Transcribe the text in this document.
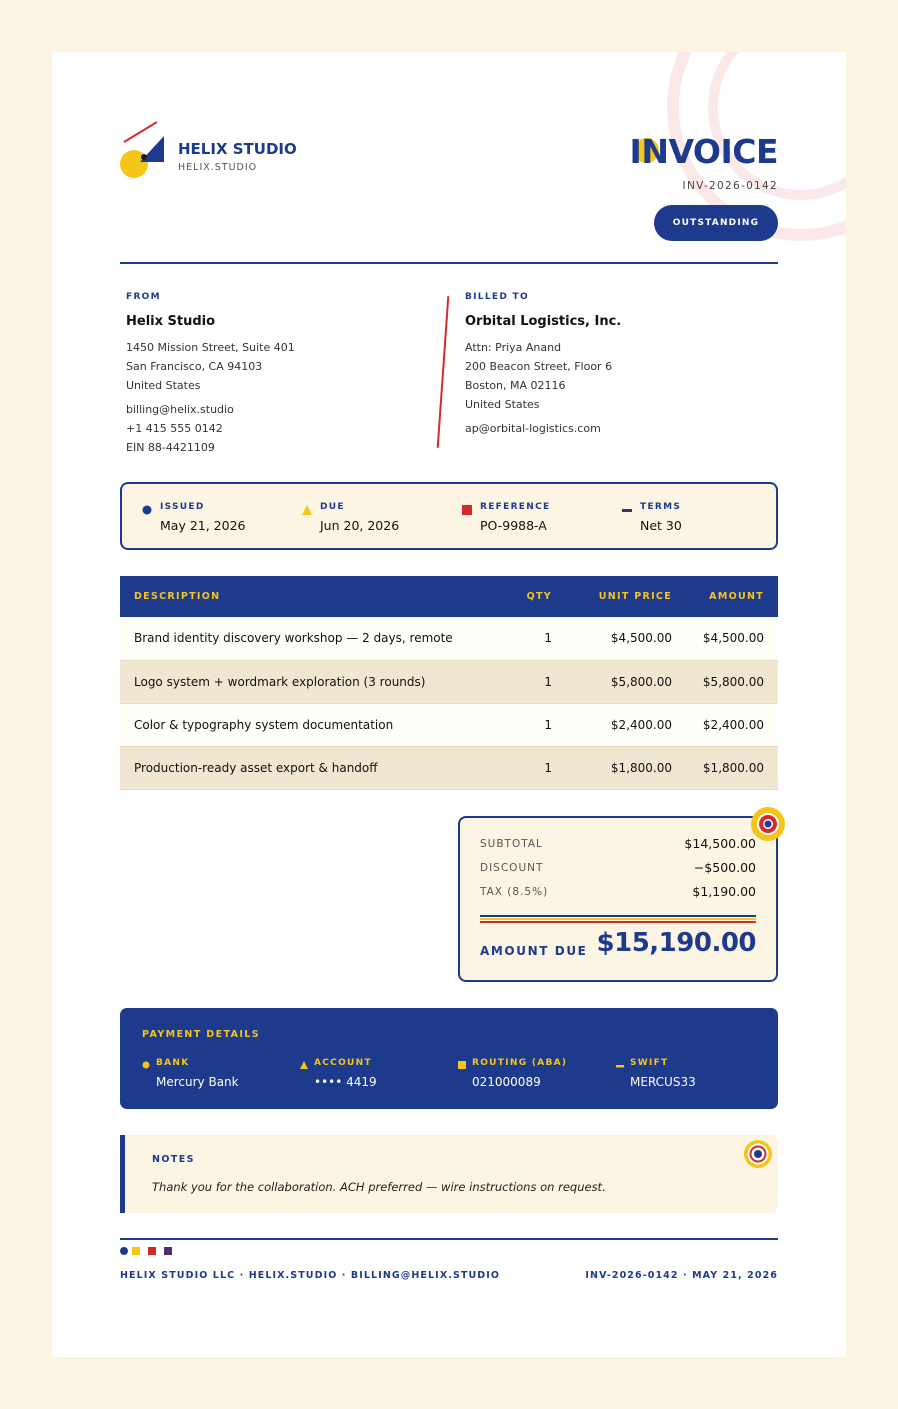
HELIX STUDIO
HELIX.STUDIO	INVOICE
INV-2026-0142
OUTSTANDING
FROM
Helix Studio
1450 Mission Street, Suite 401
San Francisco, CA 94103
United States
billing@helix.studio
+1 415 555 0142
EIN 88-4421109
BILLED TO
Orbital Logistics, Inc.
Attn: Priya Anand
200 Beacon Street, Floor 6
Boston, MA 02116
United States
ap@orbital-logistics.com
ISSUED
May 21, 2026
DUE
Jun 20, 2026
REFERENCE
PO-9988-A
TERMS
Net 30
DESCRIPTION	QTY	UNIT PRICE	AMOUNT
Brand identity discovery workshop — 2 days, remote	1	$4,500.00	$4,500.00
Logo system + wordmark exploration (3 rounds)	1	$5,800.00	$5,800.00
Color & typography system documentation	1	$2,400.00	$2,400.00
Production-ready asset export & handoff	1	$1,800.00	$1,800.00
SUBTOTAL	$14,500.00
DISCOUNT	−$500.00
TAX (8.5%)	$1,190.00
AMOUNT DUE $15,190.00
PAYMENT DETAILS
BANK
Mercury Bank
ACCOUNT
•••• 4419
ROUTING (ABA)
021000089
SWIFT
MERCUS33
NOTES
Thank you for the collaboration. ACH preferred — wire instructions on request.
HELIX STUDIO LLC · HELIX.STUDIO · BILLING@HELIX.STUDIO	INV-2026-0142 · MAY 21, 2026
